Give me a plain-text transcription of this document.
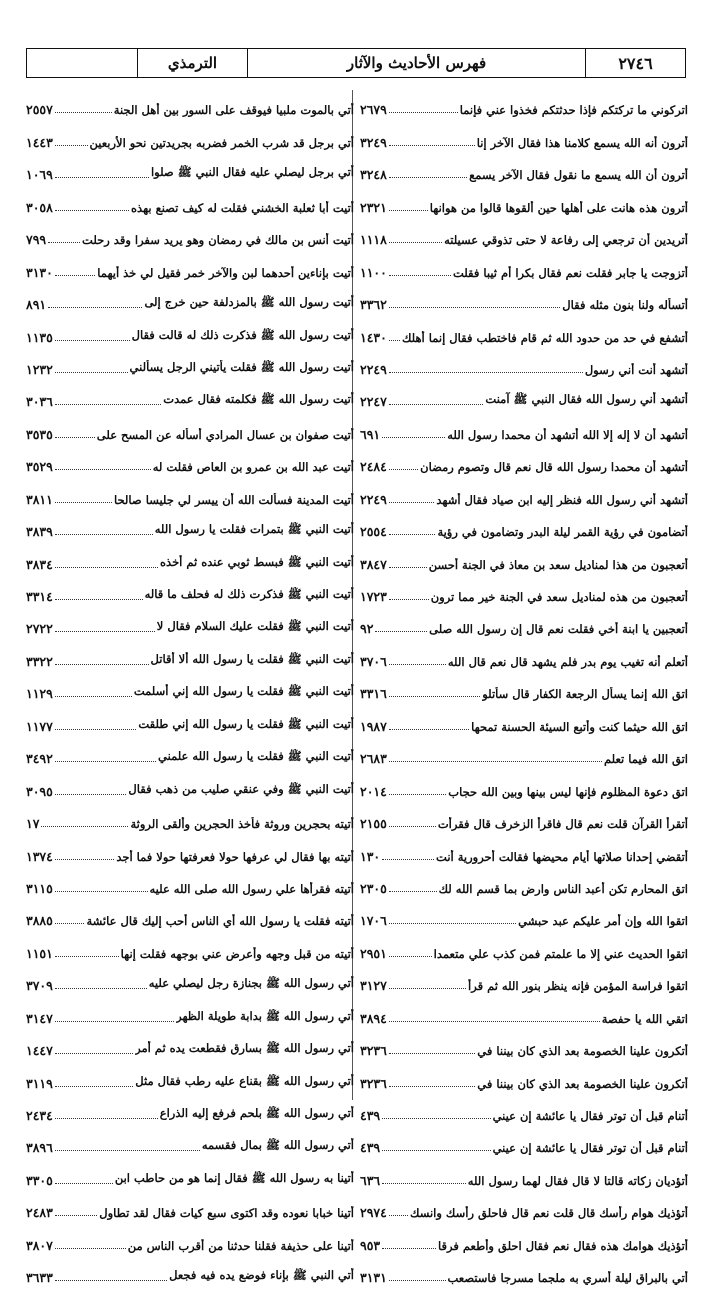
٢٧٤٦
فهرس الأحاديث والآثار
الترمذي
اتركوني ما تركتكم فإذا حدثتكم فخذوا عني فإنما
٢٦٧٩
أترون أنه الله يسمع كلامنا هذا فقال الآخر إنا
٣٢٤٩
أترون أن الله يسمع ما نقول فقال الآخر يسمع
٣٢٤٨
أترون هذه هانت على أهلها حين ألقوها قالوا من هوانها
٢٣٢١
أتريدين أن ترجعي إلى رفاعة لا حتى تذوقي عسيلته
١١١٨
أتزوجت يا جابر فقلت نعم فقال بكرا أم ثيبا فقلت
١١٠٠
أتسأله ولنا بنون مثله فقال
٣٣٦٢
أتشفع في حد من حدود الله ثم قام فاختطب فقال إنما أهلك
١٤٣٠
أتشهد أنت أني رسول
٢٢٤٩
أتشهد أني رسول الله فقال النبي ﷺ آمنت
٢٢٤٧
أتشهد أن لا إله إلا الله أتشهد أن محمدا رسول الله
٦٩١
أتشهد أن محمدا رسول الله قال نعم قال وتصوم رمضان
٢٤٨٤
أتشهد أني رسول الله فنظر إليه ابن صياد فقال أشهد
٢٢٤٩
أتضامون في رؤية القمر ليلة البدر وتضامون في رؤية
٢٥٥٤
أتعجبون من هذا لمناديل سعد بن معاذ في الجنة أحسن
٣٨٤٧
أتعجبون من هذه لمناديل سعد في الجنة خير مما ترون
١٧٢٣
أتعجبين يا ابنة أخي فقلت نعم قال إن رسول الله صلى
٩٢
أتعلم أنه تغيب يوم بدر فلم يشهد قال نعم قال الله
٣٧٠٦
اتق الله إنما يسأل الرجعة الكفار قال سأتلو
٣٣١٦
اتق الله حيثما كنت وأتبع السيئة الحسنة تمحها
١٩٨٧
اتق الله فيما تعلم
٢٦٨٣
اتق دعوة المظلوم فإنها ليس بينها وبين الله حجاب
٢٠١٤
أتقرأ القرآن قلت نعم قال فاقرأ الزخرف قال فقرأت
٢١٥٥
أتقضي إحدانا صلاتها أيام محيضها فقالت أحرورية أنت
١٣٠
اتق المحارم تكن أعبد الناس وارض بما قسم الله لك
٢٣٠٥
اتقوا الله وإن أمر عليكم عبد حبشي
١٧٠٦
اتقوا الحديث عني إلا ما علمتم فمن كذب علي متعمدا
٢٩٥١
اتقوا فراسة المؤمن فإنه ينظر بنور الله ثم قرأ
٣١٢٧
اتقي الله يا حفصة
٣٨٩٤
أتكرون علينا الخصومة بعد الذي كان بيننا في
٣٢٣٦
أتكرون علينا الخصومة بعد الذي كان بيننا في
٣٢٣٦
أتنام قبل أن توتر فقال يا عائشة إن عيني
٤٣٩
أتنام قبل أن توتر فقال يا عائشة إن عيني
٤٣٩
أتؤديان زكاته قالتا لا قال فقال لهما رسول الله
٦٣٦
أتؤذيك هوام رأسك قال قلت نعم قال فاحلق رأسك وانسك
٢٩٧٤
أتؤذيك هوامك هذه فقال نعم فقال احلق وأطعم فرقا
٩٥٣
أتي بالبراق ليلة أسري به ملجما مسرجا فاستصعب
٣١٣١
أتي بالموت ملبيا فيوقف على السور بين أهل الجنة
٢٥٥٧
أتي برجل قد شرب الخمر فضربه بجريدتين نحو الأربعين
١٤٤٣
أتي برجل ليصلي عليه فقال النبي ﷺ صلوا
١٠٦٩
أتيت أبا ثعلبة الخشني فقلت له كيف تصنع بهذه
٣٠٥٨
أتيت أنس بن مالك في رمضان وهو يريد سفرا وقد رحلت
٧٩٩
أتيت بإناءين أحدهما لبن والآخر خمر فقيل لي خذ أيهما
٣١٣٠
أتيت رسول الله ﷺ بالمزدلفة حين خرج إلى
٨٩١
أتيت رسول الله ﷺ فذكرت ذلك له قالت فقال
١١٣٥
أتيت رسول الله ﷺ فقلت يأتيني الرجل يسألني
١٢٣٢
أتيت رسول الله ﷺ فكلمته فقال عمدت
٣٠٣٦
أتيت صفوان بن عسال المرادي أسأله عن المسح على
٣٥٣٥
أتيت عبد الله بن عمرو بن العاص فقلت له
٣٥٢٩
أتيت المدينة فسألت الله أن ييسر لي جليسا صالحا
٣٨١١
أتيت النبي ﷺ بتمرات فقلت يا رسول الله
٣٨٣٩
أتيت النبي ﷺ فبسط ثوبي عنده ثم أخذه
٣٨٣٤
أتيت النبي ﷺ فذكرت ذلك له فحلف ما قاله
٣٣١٤
أتيت النبي ﷺ فقلت عليك السلام فقال لا
٢٧٢٢
أتيت النبي ﷺ فقلت يا رسول الله ألا أقاتل
٣٣٢٢
أتيت النبي ﷺ فقلت يا رسول الله إني أسلمت
١١٢٩
أتيت النبي ﷺ فقلت يا رسول الله إني طلقت
١١٧٧
أتيت النبي ﷺ فقلت يا رسول الله علمني
٣٤٩٢
أتيت النبي ﷺ وفي عنقي صليب من ذهب فقال
٣٠٩٥
أتيته بحجرين وروثة فأخذ الحجرين وألقى الروثة
١٧
أتيته بها فقال لي عرفها حولا فعرفتها حولا فما أجد
١٣٧٤
أتيته فقرأها علي رسول الله صلى الله عليه
٣١١٥
أتيته فقلت يا رسول الله أي الناس أحب إليك قال عائشة
٣٨٨٥
أتيته من قبل وجهه وأعرض عني بوجهه فقلت إنها
١١٥١
أتي رسول الله ﷺ بجنازة رجل ليصلي عليه
٣٧٠٩
أتي رسول الله ﷺ بدابة طويلة الظهر
٣١٤٧
أتي رسول الله ﷺ بسارق فقطعت يده ثم أمر
١٤٤٧
أتي رسول الله ﷺ بقناع عليه رطب فقال مثل
٣١١٩
أتي رسول الله ﷺ بلحم فرفع إليه الذراع
٢٤٣٤
أتي رسول الله ﷺ بمال فقسمه
٣٨٩٦
أتينا به رسول الله ﷺ فقال إنما هو من حاطب ابن
٣٣٠٥
أتينا خبابا نعوده وقد اكتوى سبع كيات فقال لقد تطاول
٢٤٨٣
أتينا على حذيفة فقلنا حدثنا من أقرب الناس من
٣٨٠٧
أتي النبي ﷺ بإناء فوضع يده فيه فجعل
٣٦٣٣
